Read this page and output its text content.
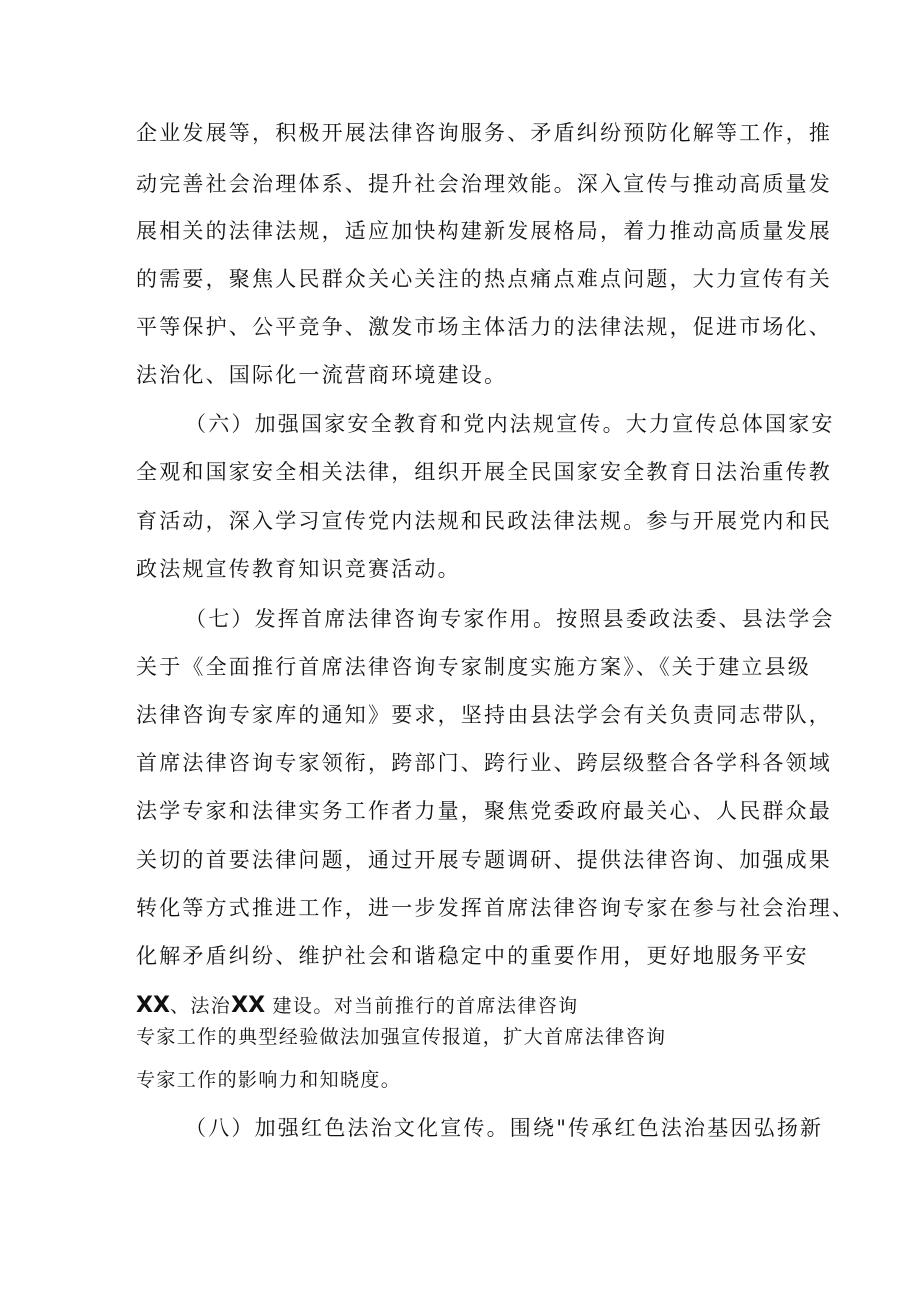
企业发展等，积极开展法律咨询服务、矛盾纠纷预防化解等工作，推

动完善社会治理体系、提升社会治理效能。深入宣传与推动高质量发

展相关的法律法规，适应加快构建新发展格局，着力推动高质量发展

的需要，聚焦人民群众关心关注的热点痛点难点问题，大力宣传有关

平等保护、公平竞争、激发市场主体活力的法律法规，促进市场化、

法治化、国际化一流营商环境建设。

（六）加强国家安全教育和党内法规宣传。大力宣传总体国家安

全观和国家安全相关法律，组织开展全民国家安全教育日法治重传教

育活动，深入学习宣传党内法规和民政法律法规。参与开展党内和民

政法规宣传教育知识竞赛活动。

（七）发挥首席法律咨询专家作用。按照县委政法委、县法学会

关于《全面推行首席法律咨询专家制度实施方案》、《关于建立县级

法律咨询专家库的通知》要求，坚持由县法学会有关负责同志带队，

首席法律咨询专家领衔，跨部门、跨行业、跨层级整合各学科各领域

法学专家和法律实务工作者力量，聚焦党委政府最关心、人民群众最

关切的首要法律问题，通过开展专题调研、提供法律咨询、加强成果

转化等方式推进工作，进一步发挥首席法律咨询专家在参与社会治理、

化解矛盾纠纷、维护社会和谐稳定中的重要作用，更好地服务平安

XX、法治XX 建设。对当前推行的首席法律咨询

专家工作的典型经验做法加强宣传报道，扩大首席法律咨询

专家工作的影响力和知晓度。

（八）加强红色法治文化宣传。围绕"传承红色法治基因弘扬新
